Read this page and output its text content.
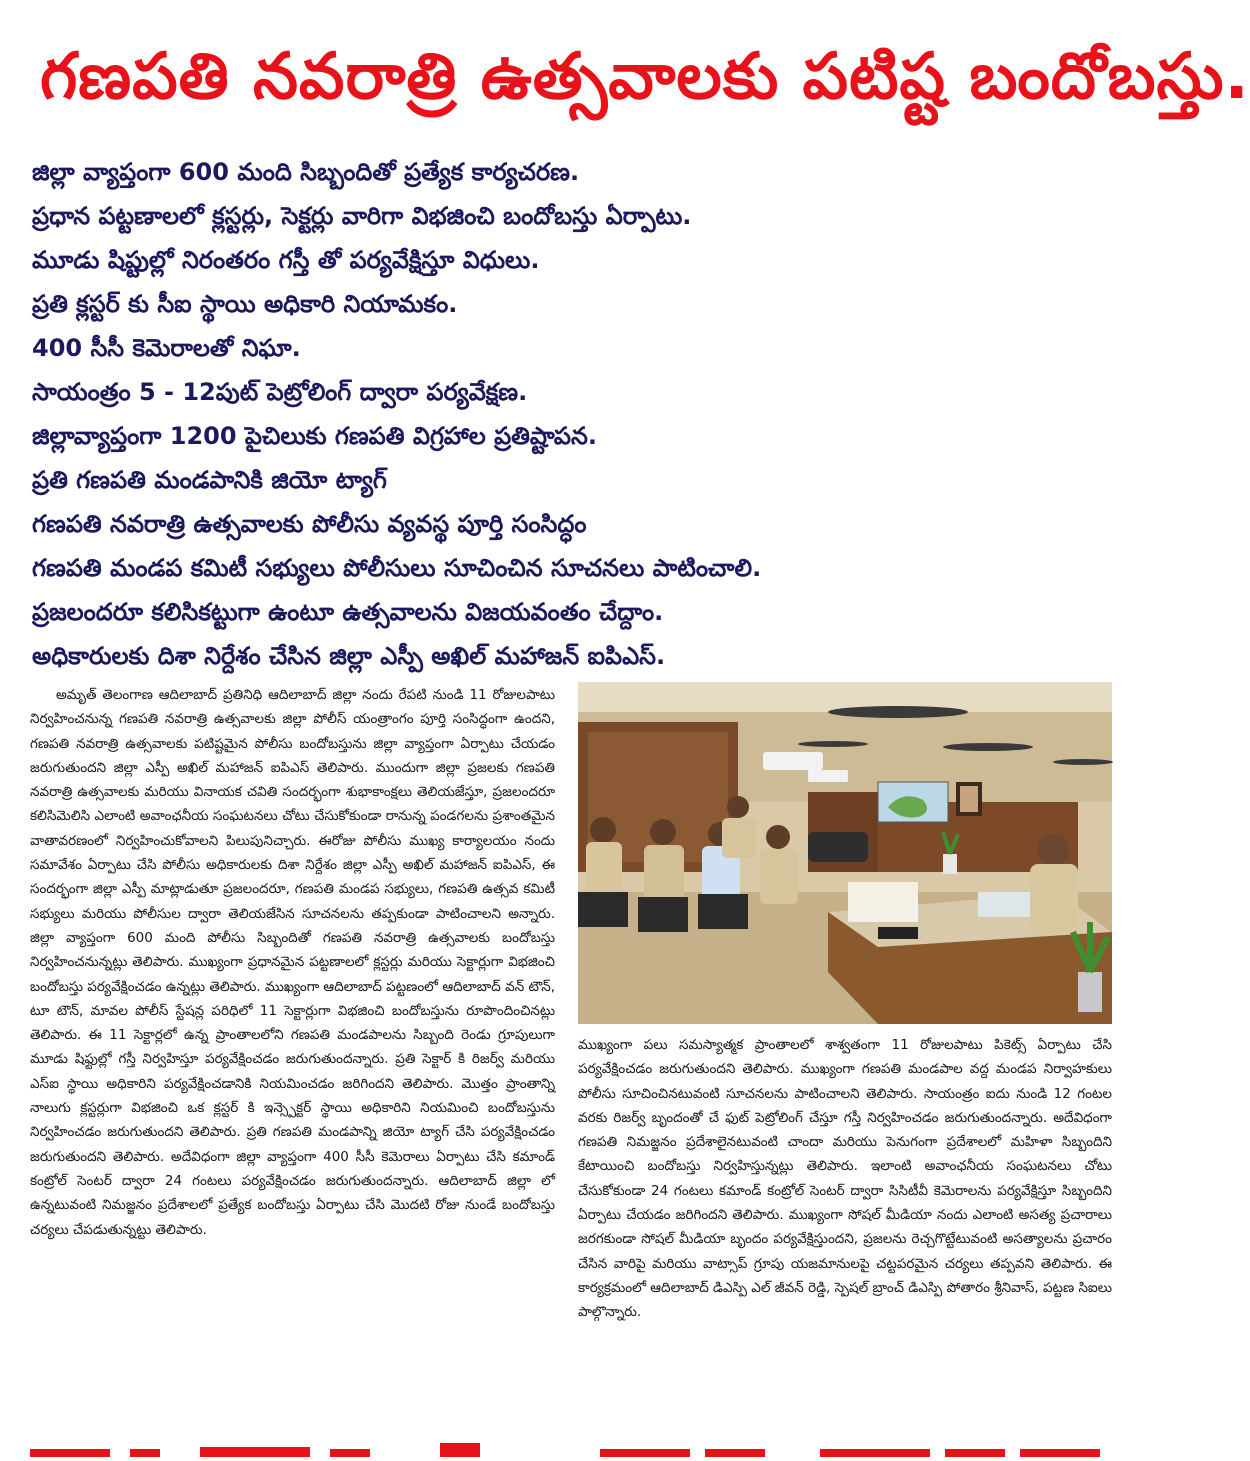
గణపతి నవరాత్రి ఉత్సవాలకు పటిష్ట బందోబస్తు.
జిల్లా వ్యాప్తంగా 600 మంది సిబ్బందితో ప్రత్యేక కార్యచరణ.
ప్రధాన పట్టణాలలో క్లస్టర్లు, సెక్టర్లు వారిగా విభజించి బందోబస్తు ఏర్పాటు.
మూడు షిప్టుల్లో నిరంతరం గస్తీ తో పర్యవేక్షిస్తూ విధులు.
ప్రతి క్లస్టర్ కు సీఐ స్థాయి అధికారి నియామకం.
400 సీసీ కెమెరాలతో నిఘా.
సాయంత్రం 5 - 12పుట్ పెట్రోలింగ్ ద్వారా పర్యవేక్షణ.
జిల్లావ్యాప్తంగా 1200 పైచిలుకు గణపతి విగ్రహాల ప్రతిష్టాపన.
ప్రతి గణపతి మండపానికి జియో ట్యాగ్
గణపతి నవరాత్రి ఉత్సవాలకు పోలీసు వ్యవస్థ పూర్తి సంసిద్ధం
గణపతి మండప కమిటీ సభ్యులు పోలీసులు సూచించిన సూచనలు పాటించాలి.
ప్రజలందరూ కలిసికట్టుగా ఉంటూ ఉత్సవాలను విజయవంతం చేద్దాం.
అధికారులకు దిశా నిర్దేశం చేసిన జిల్లా ఎస్పీ అఖిల్ మహాజన్ ఐపిఎస్.
అమృత్ తెలంగాణ ఆదిలాబాద్ ప్రతినిధి ఆదిలాబాద్ జిల్లా నందు రేపటి నుండి 11 రోజులపాటు నిర్వహించనున్న గణపతి నవరాత్రి ఉత్సవాలకు జిల్లా పోలీస్ యంత్రాంగం పూర్తి సంసిద్ధంగా ఉందని, గణపతి నవరాత్రి ఉత్సవాలకు పటిష్టమైన పోలీసు బందోబస్తును జిల్లా వ్యాప్తంగా ఏర్పాటు చేయడం జరుగుతుందని జిల్లా ఎస్పీ అఖిల్ మహాజన్ ఐపిఎస్ తెలిపారు. ముందుగా జిల్లా ప్రజలకు గణపతి నవరాత్రి ఉత్సవాలకు మరియు వినాయక చవితి సందర్భంగా శుభాకాంక్షలు తెలియజేస్తూ, ప్రజలందరూ కలిసిమెలిసి ఎలాంటి అవాంఛనీయ సంఘటనలు చోటు చేసుకోకుండా రానున్న పండగలను ప్రశాంతమైన వాతావరణంలో నిర్వహించుకోవాలని పిలుపునిచ్చారు. ఈరోజు పోలీసు ముఖ్య కార్యాలయం నందు సమావేశం ఏర్పాటు చేసి పోలీసు అధికారులకు దిశా నిర్దేశం జిల్లా ఎస్పీ అఖిల్ మహాజన్ ఐపిఎస్, ఈ సందర్భంగా జిల్లా ఎస్పీ మాట్లాడుతూ ప్రజలందరూ, గణపతి మండప సభ్యులు, గణపతి ఉత్సవ కమిటీ సభ్యులు మరియు పోలీసుల ద్వారా తెలియజేసిన సూచనలను తప్పకుండా పాటించాలని అన్నారు. జిల్లా వ్యాప్తంగా 600 మంది పోలీసు సిబ్బందితో గణపతి నవరాత్రి ఉత్సవాలకు బందోబస్తు నిర్వహించనున్నట్లు తెలిపారు. ముఖ్యంగా ప్రధానమైన పట్టణాలలో క్లస్టర్లు మరియు సెక్టార్లుగా విభజించి బందోబస్తు పర్యవేక్షించడం ఉన్నట్లు తెలిపారు. ముఖ్యంగా ఆదిలాబాద్ పట్టణంలో ఆదిలాబాద్ వన్ టౌన్, టూ టౌన్, మావల పోలీస్ స్టేషన్ల పరిధిలో 11 సెక్టార్లుగా విభజించి బందోబస్తును రూపొందించినట్లు తెలిపారు. ఈ 11 సెక్టార్లలో ఉన్న ప్రాంతాలలోని గణపతి మండపాలను సిబ్బంది రెండు గ్రూపులుగా మూడు షిఫ్టుల్లో గస్తీ నిర్వహిస్తూ పర్యవేక్షించడం జరుగుతుందన్నారు. ప్రతి సెక్టార్ కి రిజర్వ్ మరియు ఎస్ఐ స్థాయి అధికారిని పర్యవేక్షించడానికి నియమించడం జరిగిందని తెలిపారు. మొత్తం ప్రాంతాన్ని నాలుగు క్లస్టర్లుగా విభజించి ఒక క్లస్టర్ కి ఇన్స్పెక్టర్ స్థాయి అధికారిని నియమించి బందోబస్తును నిర్వహించడం జరుగుతుందని తెలిపారు. ప్రతి గణపతి మండపాన్ని జియో ట్యాగ్ చేసి పర్యవేక్షించడం జరుగుతుందని తెలిపారు. అదేవిధంగా జిల్లా వ్యాప్తంగా 400 సీసీ కెమెరాలు ఏర్పాటు చేసి కమాండ్ కంట్రోల్ సెంటర్ ద్వారా 24 గంటలు పర్యవేక్షించడం జరుగుతుందన్నారు. ఆదిలాబాద్ జిల్లా లో ఉన్నటువంటి నిమజ్జనం ప్రదేశాలలో ప్రత్యేక బందోబస్తు ఏర్పాటు చేసి మొదటి రోజు నుండే బందోబస్తు చర్యలు చేపడుతున్నట్టు తెలిపారు.
ముఖ్యంగా పలు సమస్యాత్మక ప్రాంతాలలో శాశ్వతంగా 11 రోజులపాటు పికెట్స్ ఏర్పాటు చేసి పర్యవేక్షించడం జరుగుతుందని తెలిపారు. ముఖ్యంగా గణపతి మండపాల వద్ద మండప నిర్వాహకులు పోలీసు సూచించినటువంటి సూచనలను పాటించాలని తెలిపారు. సాయంత్రం ఐదు నుండి 12 గంటల వరకు రిజర్వ్ బృందంతో చే ఫుట్ పెట్రోలింగ్ చేస్తూ గస్తీ నిర్వహించడం జరుగుతుందన్నారు. అదేవిధంగా గణపతి నిమజ్జనం ప్రదేశాలైనటువంటి చాందా మరియు పెనుగంగా ప్రదేశాలలో మహిళా సిబ్బందిని కేటాయించి బందోబస్తు నిర్వహిస్తున్నట్లు తెలిపారు. ఇలాంటి అవాంఛనీయ సంఘటనలు చోటు చేసుకోకుండా 24 గంటలు కమాండ్ కంట్రోల్ సెంటర్ ద్వారా సిసిటీవీ కెమెరాలను పర్యవేక్షిస్తూ సిబ్బందిని ఏర్పాటు చేయడం జరిగిందని తెలిపారు. ముఖ్యంగా సోషల్ మీడియా నందు ఎలాంటి అసత్య ప్రచారాలు జరగకుండా సోషల్ మీడియా బృందం పర్యవేక్షిస్తుందని, ప్రజలను రెచ్చగొట్టేటువంటి అసత్యాలను ప్రచారం చేసిన వారిపై మరియు వాట్సాప్ గ్రూపు యజమానులపై చట్టపరమైన చర్యలు తప్పవని తెలిపారు. ఈ కార్యక్రమంలో ఆదిలాబాద్ డిఎస్పి ఎల్ జీవన్ రెడ్డి, స్పెషల్ బ్రాంచ్ డిఎస్పి పోతారం శ్రీనివాస్, పట్టణ సిఐలు పాల్గొన్నారు.
